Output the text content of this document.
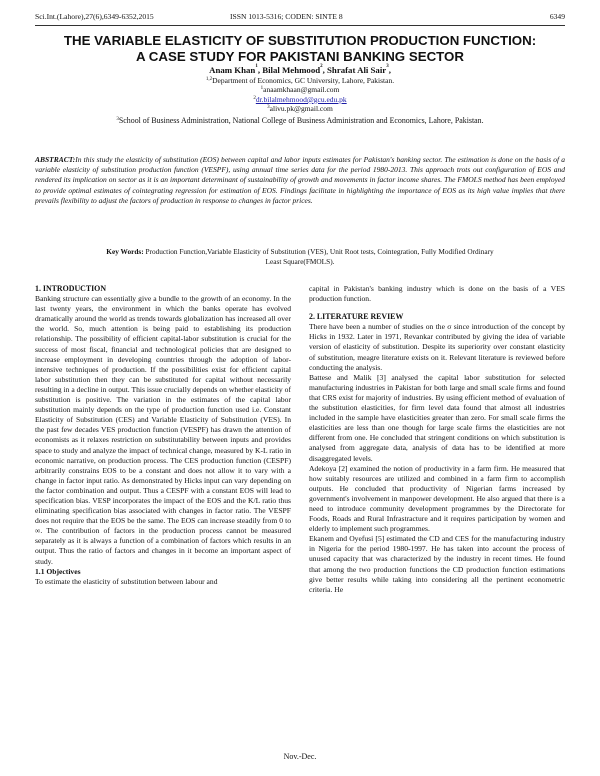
Sci.Int.(Lahore),27(6),6349-6352,2015	ISSN 1013-5316; CODEN: SINTE 8	6349
THE VARIABLE ELASTICITY OF SUBSTITUTION PRODUCTION FUNCTION:
A CASE STUDY FOR PAKISTANI BANKING SECTOR
Anam Khan$^1$, Bilal Mehmood$^2$, Shrafat Ali Sair$^3$,
$^{1,2}$Department of Economics, GC University, Lahore, Pakistan.
$^1$anaamkhaan@gmail.com
$^2$dr.bilalmehmood@gcu.edu.pk
$^3$alivu.pk@gmail.com
$^3$School of Business Administration, National College of Business Administration and Economics, Lahore, Pakistan.
ABSTRACT:In this study the elasticity of substitution (EOS) between capital and labor inputs estimates for Pakistan's banking sector. The estimation is done on the basis of a variable elasticity of substitution production function (VESPF), using annual time series data for the period 1980-2013. This approach trots out configuration of EOS and rendered its implication on sector as it is an important determinant of sustainability of growth and movements in factor income shares. The FMOLS method has been employed to provide optimal estimates of cointegrating regression for estimation of EOS. Findings facilitate in highlighting the importance of EOS as its high value implies that there prevails flexibility to adjust the factors of production in response to changes in factor prices.
Key Words: Production Function,Variable Elasticity of Substitution (VES), Unit Root tests, Cointegration, Fully Modified Ordinary Least Square(FMOLS).
1. INTRODUCTION

Banking structure can essentially give a bundle to the growth of an economy. In the last twenty years, the environment in which the banks operate has evolved dramatically around the world as trends towards globalization has increased all over the world. So, much attention is being paid to establishing its production relationship. The possibility of efficient capital-labor substitution is crucial for the success of most fiscal, financial and technological policies that are designed to increase employment in developing countries through the adoption of labor-intensive techniques of production. If the possibilities exist for efficient capital labor substitution then they can be substituted for capital without necessarily resulting in a decline in output. This issue crucially depends on whether elasticity of substitution is positive. The variation in the estimates of the capital labor substitution mainly depends on the type of production function used i.e. Constant Elasticity of Substitution (CES) and Variable Elasticity of Substitution (VES). In the past few decades VES production function (VESPF) has drawn the attention of economists as it relaxes restriction on substitutability between inputs and provides space to study and analyze the impact of technical change, measured by K-L ratio in economic narrative, on production process. The CES production function (CESPF) arbitrarily constrains EOS to be a constant and does not allow it to vary with a change in factor input ratio. As demonstrated by Hicks input can vary depending on the factor combination and output. Thus a CESPF with a constant EOS will lead to specification bias. VESP incorporates the impact of the EOS and the K/L ratio thus eliminating specification bias associated with changes in factor ratio. The VESPF does not require that the EOS be the same. The EOS can increase steadily from 0 to ∞. The contribution of factors in the production process cannot be measured separately as it is always a function of a combination of factors which results in an output. Thus the ratio of factors and changes in it become an important aspect of study.

1.1 Objectives

To estimate the elasticity of substitution between labour and

capital in Pakistan's banking industry which is done on the basis of a VES production function.

2. LITERATURE REVIEW

There have been a number of studies on the σ since introduction of the concept by Hicks in 1932. Later in 1971, Revankar contributed by giving the idea of variable version of elasticity of substitution. Despite its superiority over constant elasticity of substitution, meagre literature exists on it. Relevant literature is reviewed before conducting the analysis.

Battese and Malik [3] analysed the capital labor substitution for selected manufacturing industries in Pakistan for both large and small scale firms and found that CRS exist for majority of industries. By using efficient method of evaluation of the substitution elasticities, for firm level data found that almost all industries included in the sample have elasticities greater than zero. For small scale firms the elasticities are less than one though for large scale firms the elasticities are not different from one. He concluded that stringent conditions on which substitution is analysed from aggregate data, analysis of data has to be identified at more disaggregated levels.

Adekoya [2] examined the notion of productivity in a farm firm. He measured that how suitably resources are utilized and combined in a farm firm to accomplish outputs. He concluded that productivity of Nigerian farms increased by government's involvement in manpower development. He also argued that there is a need to introduce community development programmes by the Directorate for Foods, Roads and Rural Infrastracture and it requires participation by women and elderly to implement such programmes.

Ekanem and Oyefusi [5] estimated the CD and CES for the manufacturing industry in Nigeria for the period 1980-1997. He has taken into account the process of unused capacity that was characterized by the industry in recent times. He found that among the two production functions the CD production function estimations give better results while taking into considering all the pertinent econometric criteria. He

Nov.-Dec.
